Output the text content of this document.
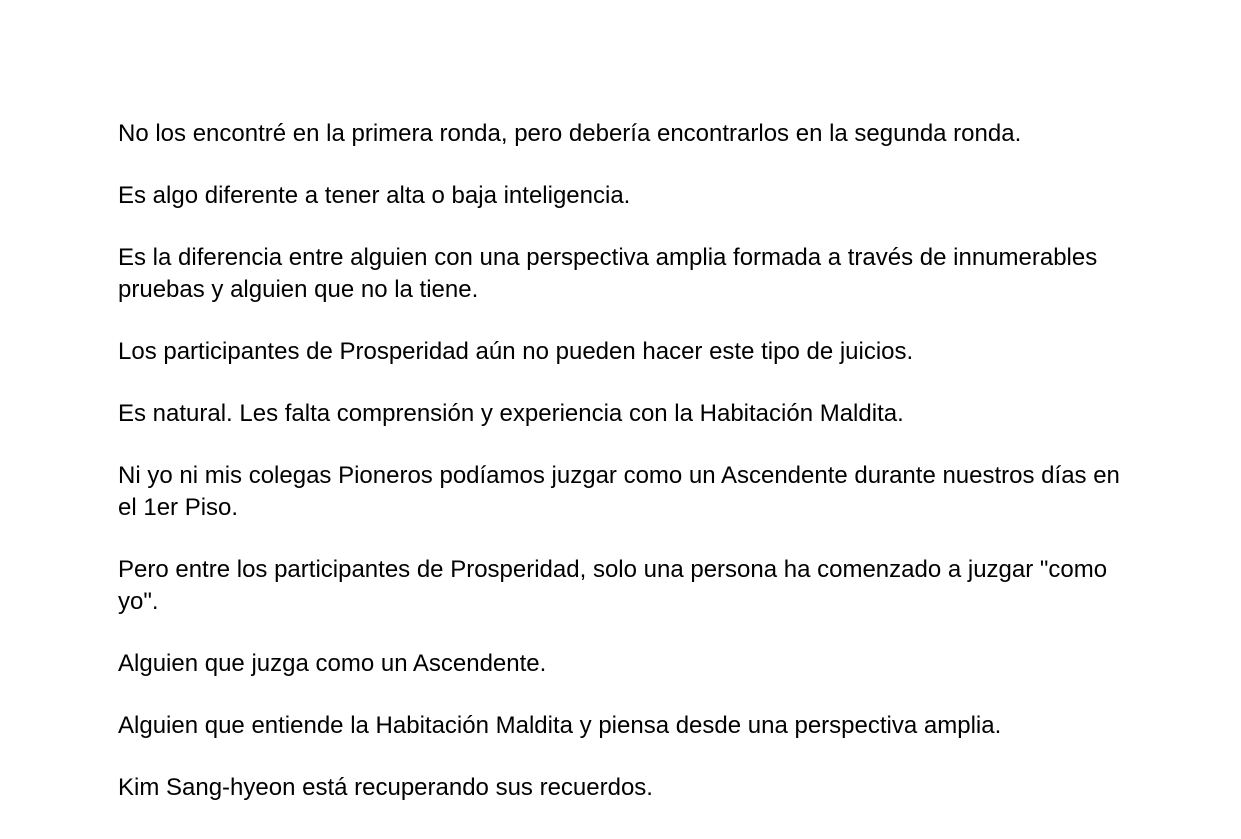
No los encontré en la primera ronda, pero debería encontrarlos en la segunda ronda.

Es algo diferente a tener alta o baja inteligencia.

Es la diferencia entre alguien con una perspectiva amplia formada a través de innumerables pruebas y alguien que no la tiene.

Los participantes de Prosperidad aún no pueden hacer este tipo de juicios.

Es natural. Les falta comprensión y experiencia con la Habitación Maldita.

Ni yo ni mis colegas Pioneros podíamos juzgar como un Ascendente durante nuestros días en el 1er Piso.

Pero entre los participantes de Prosperidad, solo una persona ha comenzado a juzgar "como yo".

Alguien que juzga como un Ascendente.

Alguien que entiende la Habitación Maldita y piensa desde una perspectiva amplia.

Kim Sang-hyeon está recuperando sus recuerdos.
